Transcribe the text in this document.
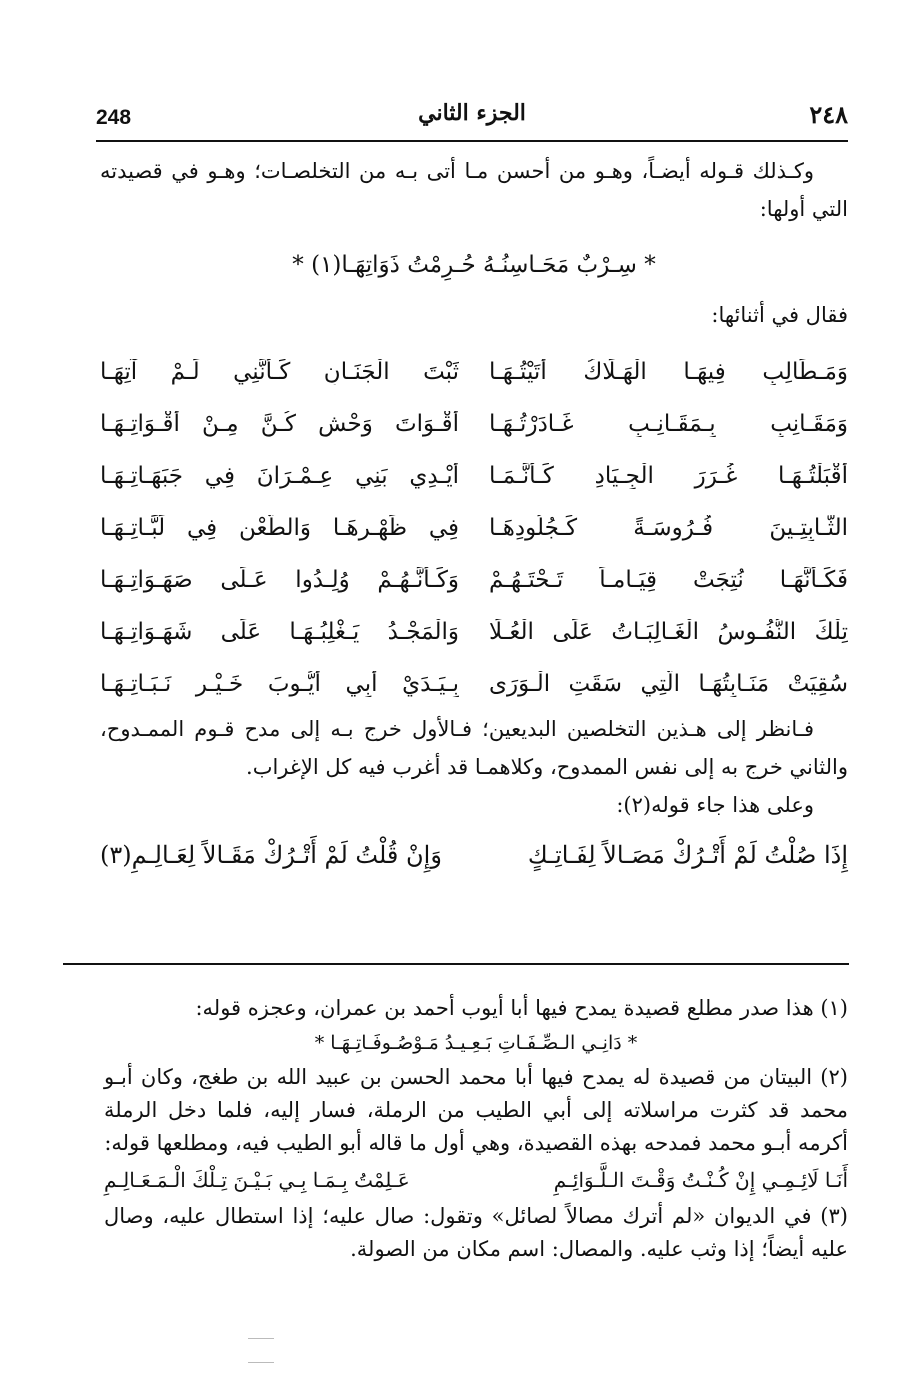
٢٤٨
الجزء الثاني
248

وكـذلك قـوله أيضـاً، وهـو من أحسن مـا أتى بـه من التخلصـات؛ وهـو في قصيدته التي أولها:

* سِـرْبٌ مَحَـاسِنُـهُ حُـرِمْتُ ذَوَاتِهَـا(١) *
فقال في أثنائها:
وَمَـطَالِبٍ فِيهَـا الْهَـلَاكُ أَتَيْتُـهَـا
ثَبْتَ الْجَنَـانِ كَـأَنَّنِي لَـمْ آتِهَـا
وَمَقَـانِبٍ بِـمَقَـانِـبٍ غَـادَرْتُـهَـا
أَقْـوَاتَ وَحْشٍ كُـنَّ مِـنْ أَقْـوَاتِـهَـا
أَقْبَلْتُـهَـا غُـرَرَ الْجِـيَادِ كَـأَنَّـمَـا
أَيْـدِي بَنِي عِـمْـرَانَ فِي جَبَهَـاتِـهَـا
الثَّـابِتِـينَ فُـرُوسَـةً كَـجُلُودِهَـا
فِي ظَهْـرِهَـا وَالطَّعْنِ فِي لَبَّـاتِـهَـا
فَكَـأَنَّهَـا نُتِجَتْ قِيَـامـاً تَـحْتَـهُـمْ
وَكَـأَنَّـهُـمْ وُلِـدُوا عَـلَى صَهَـوَاتِـهَـا
تِلْكَ النُّفُـوسُ الْغَـالِبَـاتُ عَلَى الْعُـلَا
وَالْمَجْـدُ يَـغْلِبُـهَـا عَلَى شَهَـوَاتِـهَـا
سُقِيَتْ مَنَـابِتُهَـا الَّتِي سَقَتِ الْـوَرَى
بِـيَـدَيْ أَبِي أَيُّـوبَ خَـيْـرِ نَـبَـاتِـهَـا

فـانظر إلى هـذين التخلصين البديعين؛ فـالأول خرج بـه إلى مدح قـوم الممـدوح، والثاني خرج به إلى نفس الممدوح، وكلاهمـا قد أغرب فيه كل الإغراب.

وعلى هذا جاء قوله(٢):

إِذَا صُلْتُ لَمْ أَتْـرُكْ مَصَـالاً لِفَـاتِـكٍ
وَإِنْ قُلْتُ لَمْ أَتْـرُكْ مَقَـالاً لِعَـالِـمِ(٣)

(١) هذا صدر مطلع قصيدة يمدح فيها أبا أيوب أحمد بن عمران، وعجزه قوله:

* دَانِـي الـصِّـفَـاتِ بَـعِـيـدُ مَـوْصُـوفَـاتِـهَـا *

(٢) البيتان من قصيدة له يمدح فيها أبا محمد الحسن بن عبيد الله بن طغج، وكان أبـو محمد قد كثرت مراسلاته إلى أبي الطيب من الرملة، فسار إليه، فلما دخل الرملة أكرمه أبـو محمد فمدحه بهذه القصيدة، وهي أول ما قاله أبو الطيب فيه، ومطلعها قوله:

أَنَـا لَائِـمِـي إِنْ كُـنْـتُ وَقْـتَ الـلَّـوَائِـمِ
عَـلِمْتُ بِـمَـا بِـي بَـيْـنَ تِـلْكَ الْـمَـعَـالِـمِ

(٣) في الديوان «لم أترك مصالاً لصائل» وتقول: صال عليه؛ إذا استطال عليه، وصال عليه أيضاً؛ إذا وثب عليه. والمصال: اسم مكان من الصولة.
